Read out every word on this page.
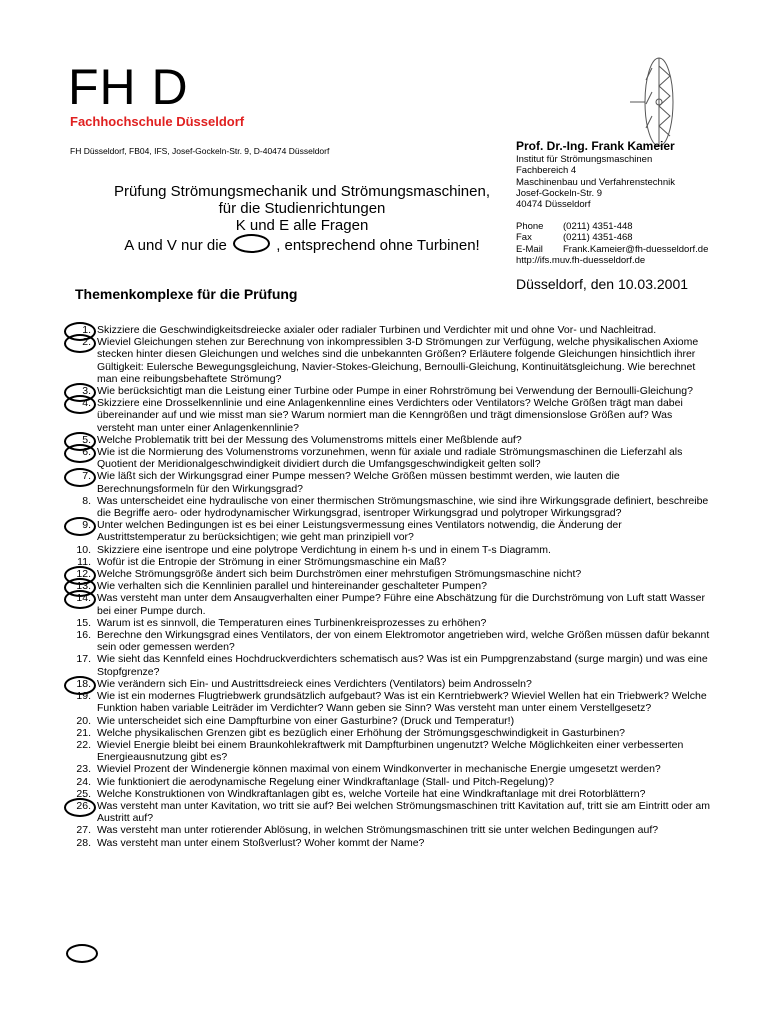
FH D
Fachhochschule Düsseldorf
FH Düsseldorf, FB04, IFS, Josef-Gockeln-Str. 9, D-40474 Düsseldorf	Prof. Dr.-Ing. Frank Kameier
Institut für Strömungsmaschinen
Fachbereich 4
Maschinenbau und Verfahrenstechnik
Josef-Gockeln-Str. 9
40474 Düsseldorf
Phone	(0211) 4351-448
Fax	(0211) 4351-468
E-Mail	Frank.Kameier@fh-duesseldorf.de
http://ifs.muv.fh-duesseldorf.de
Düsseldorf, den 10.03.2001
Prüfung Strömungsmechanik und Strömungsmaschinen,
für die Studienrichtungen
K und E alle Fragen
A und V nur die	, entsprechend ohne Turbinen!
Themenkomplexe für die Prüfung
1. Skizziere die Geschwindigkeitsdreiecke axialer oder radialer Turbinen und Verdichter mit und ohne Vor- und Nachleitrad.
2. Wieviel Gleichungen stehen zur Berechnung von inkompressiblen 3-D Strömungen zur Verfügung, welche physikalischen Axiome stecken hinter diesen Gleichungen und welches sind die unbekannten Größen? Erläutere folgende Gleichungen hinsichtlich ihrer Gültigkeit: Eulersche Bewegungsgleichung, Navier-Stokes-Gleichung, Bernoulli-Gleichung, Kontinuitätsgleichung. Wie berechnet man eine reibungsbehaftete Strömung?
3. Wie berücksichtigt man die Leistung einer Turbine oder Pumpe in einer Rohrströmung bei Verwendung der Bernoulli-Gleichung?
4. Skizziere eine Drosselkennlinie und eine Anlagenkennline eines Verdichters oder Ventilators? Welche Größen trägt man dabei übereinander auf und wie misst man sie? Warum normiert man die Kenngrößen und trägt dimensionslose Größen auf? Was versteht man unter einer Anlagenkennlinie?
5. Welche Problematik tritt bei der Messung des Volumenstroms mittels einer Meßblende auf?
6. Wie ist die Normierung des Volumenstroms vorzunehmen, wenn für axiale und radiale Strömungsmaschinen die Lieferzahl als Quotient der Meridionalgeschwindigkeit dividiert durch die Umfangsgeschwindigkeit gelten soll?
7. Wie läßt sich der Wirkungsgrad einer Pumpe messen? Welche Größen müssen bestimmt werden, wie lauten die Berechnungsformeln für den Wirkungsgrad?
8. Was unterscheidet eine hydraulische von einer thermischen Strömungsmaschine, wie sind ihre Wirkungsgrade definiert, beschreibe die Begriffe aero- oder hydrodynamischer Wirkungsgrad, isentroper Wirkungsgrad und polytroper Wirkungsgrad?
9. Unter welchen Bedingungen ist es bei einer Leistungsvermessung eines Ventilators notwendig, die Änderung der Austrittstemperatur zu berücksichtigen; wie geht man prinzipiell vor?
10. Skizziere eine isentrope und eine polytrope Verdichtung in einem h-s und in einem T-s Diagramm.
11. Wofür ist die Entropie der Strömung in einer Strömungsmaschine ein Maß?
12. Welche Strömungsgröße ändert sich beim Durchströmen einer mehrstufigen Strömungsmaschine nicht?
13. Wie verhalten sich die Kennlinien parallel und hintereinander geschalteter Pumpen?
14. Was versteht man unter dem Ansaugverhalten einer Pumpe? Führe eine Abschätzung für die Durchströmung von Luft statt Wasser bei einer Pumpe durch.
15. Warum ist es sinnvoll, die Temperaturen eines Turbinenkreisprozesses zu erhöhen?
16. Berechne den Wirkungsgrad eines Ventilators, der von einem Elektromotor angetrieben wird, welche Größen müssen dafür bekannt sein oder gemessen werden?
17. Wie sieht das Kennfeld eines Hochdruckverdichters schematisch aus? Was ist ein Pumpgrenzabstand (surge margin) und was eine Stopfgrenze?
18. Wie verändern sich Ein- und Austrittsdreieck eines Verdichters (Ventilators) beim Androsseln?
19. Wie ist ein modernes Flugtriebwerk grundsätzlich aufgebaut? Was ist ein Kerntriebwerk? Wieviel Wellen hat ein Triebwerk? Welche Funktion haben variable Leiträder im Verdichter? Wann geben sie Sinn? Was versteht man unter einem Verstellgesetz?
20. Wie unterscheidet sich eine Dampfturbine von einer Gasturbine? (Druck und Temperatur!)
21. Welche physikalischen Grenzen gibt es bezüglich einer Erhöhung der Strömungsgeschwindigkeit in Gasturbinen?
22. Wieviel Energie bleibt bei einem Braunkohlekraftwerk mit Dampfturbinen ungenutzt? Welche Möglichkeiten einer verbesserten Energieausnutzung gibt es?
23. Wieviel Prozent der Windenergie können maximal von einem Windkonverter in mechanische Energie umgesetzt werden?
24. Wie funktioniert die aerodynamische Regelung einer Windkraftanlage (Stall- und Pitch-Regelung)?
25. Welche Konstruktionen von Windkraftanlagen gibt es, welche Vorteile hat eine Windkraftanlage mit drei Rotorblättern?
26. Was versteht man unter Kavitation, wo tritt sie auf? Bei welchen Strömungsmaschinen tritt Kavitation auf, tritt sie am Eintritt oder am Austritt auf?
27. Was versteht man unter rotierender Ablösung, in welchen Strömungsmaschinen tritt sie unter welchen Bedingungen auf?
28. Was versteht man unter einem Stoßverlust? Woher kommt der Name?
